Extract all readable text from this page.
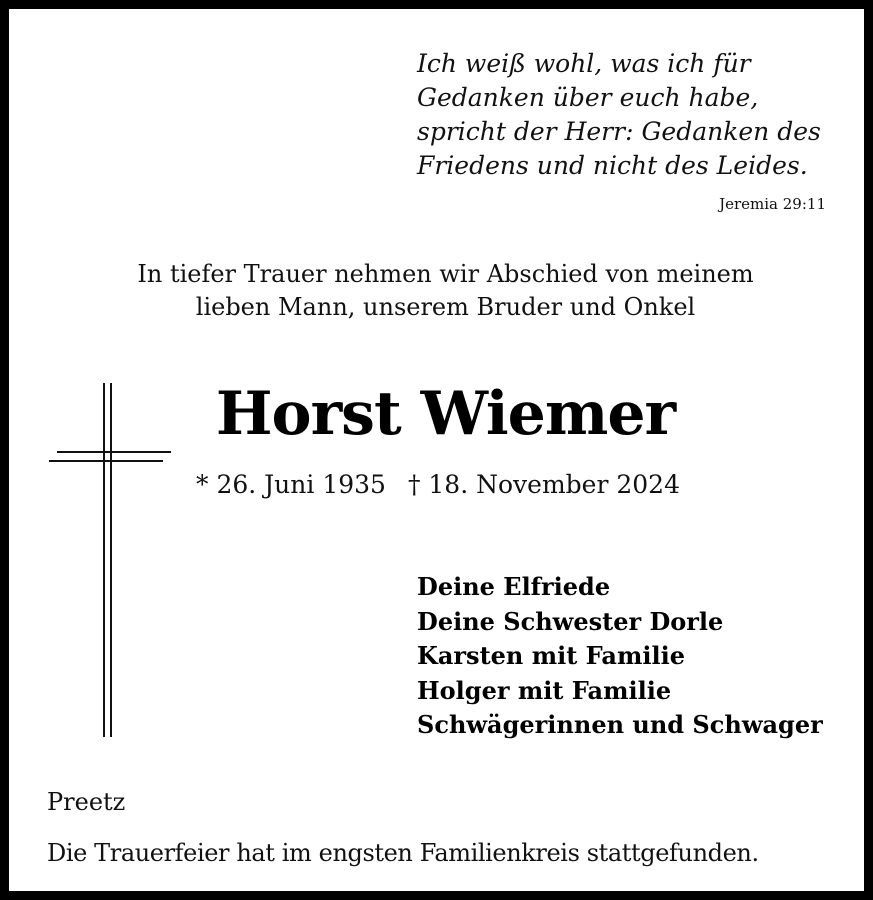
Ich weiß wohl, was ich für
Gedanken über euch habe,
spricht der Herr: Gedanken des
Friedens und nicht des Leides.
Jeremia 29:11
In tiefer Trauer nehmen wir Abschied von meinem
lieben Mann, unserem Bruder und Onkel
Horst Wiemer
* 26. Juni 1935 † 18. November 2024
Deine Elfriede
Deine Schwester Dorle
Karsten mit Familie
Holger mit Familie
Schwägerinnen und Schwager
Preetz
Die Trauerfeier hat im engsten Familienkreis stattgefunden.
